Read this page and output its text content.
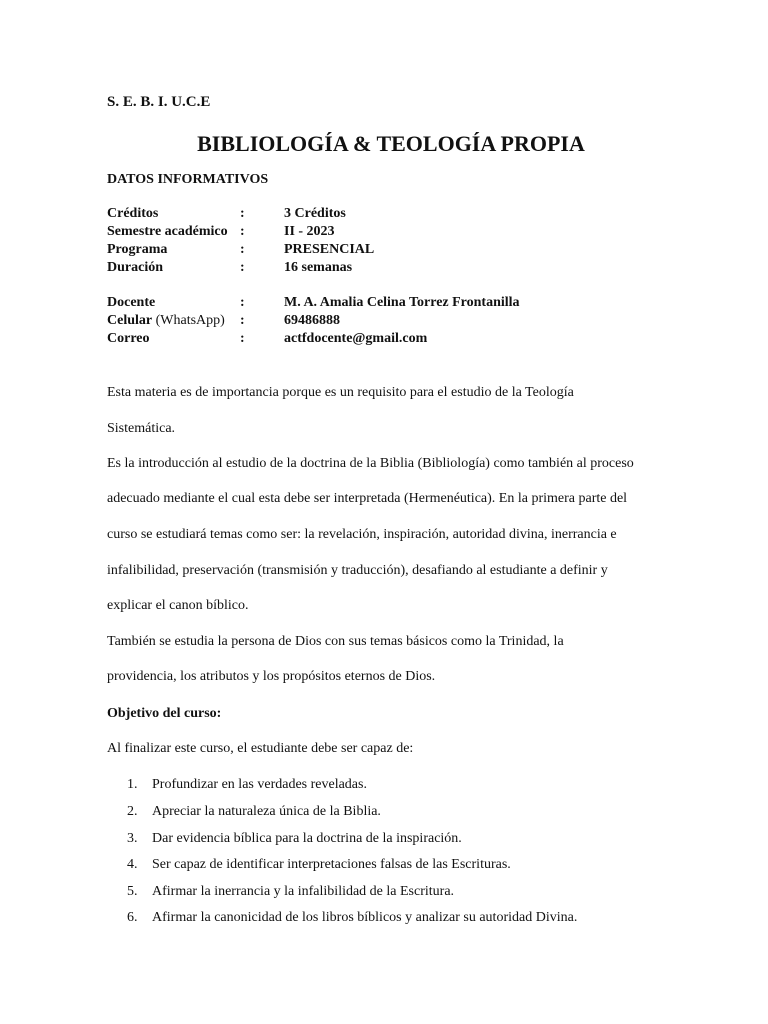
S. E. B. I. U.C.E
BIBLIOLOGÍA & TEOLOGÍA PROPIA
DATOS INFORMATIVOS
Créditos	:	3 Créditos
Semestre académico :	II - 2023
Programa	:	PRESENCIAL
Duración	:	16 semanas
Docente	:	M. A. Amalia Celina Torrez Frontanilla
Celular (WhatsApp) :	69486888
Correo	:	actfdocente@gmail.com
Esta materia es de importancia porque es un requisito para el estudio de la Teología
Sistemática.
Es la introducción al estudio de la doctrina de la Biblia (Bibliología) como también al proceso
adecuado mediante el cual esta debe ser interpretada (Hermenéutica). En la primera parte del
curso se estudiará temas como ser: la revelación, inspiración, autoridad divina, inerrancia e
infalibilidad, preservación (transmisión y traducción), desafiando al estudiante a definir y
explicar el canon bíblico.
También se estudia la persona de Dios con sus temas básicos como la Trinidad, la
providencia, los atributos y los propósitos eternos de Dios.
Objetivo del curso:
Al finalizar este curso, el estudiante debe ser capaz de:
1. Profundizar en las verdades reveladas.
2. Apreciar la naturaleza única de la Biblia.
3. Dar evidencia bíblica para la doctrina de la inspiración.
4. Ser capaz de identificar interpretaciones falsas de las Escrituras.
5. Afirmar la inerrancia y la infalibilidad de la Escritura.
6. Afirmar la canonicidad de los libros bíblicos y analizar su autoridad Divina.
